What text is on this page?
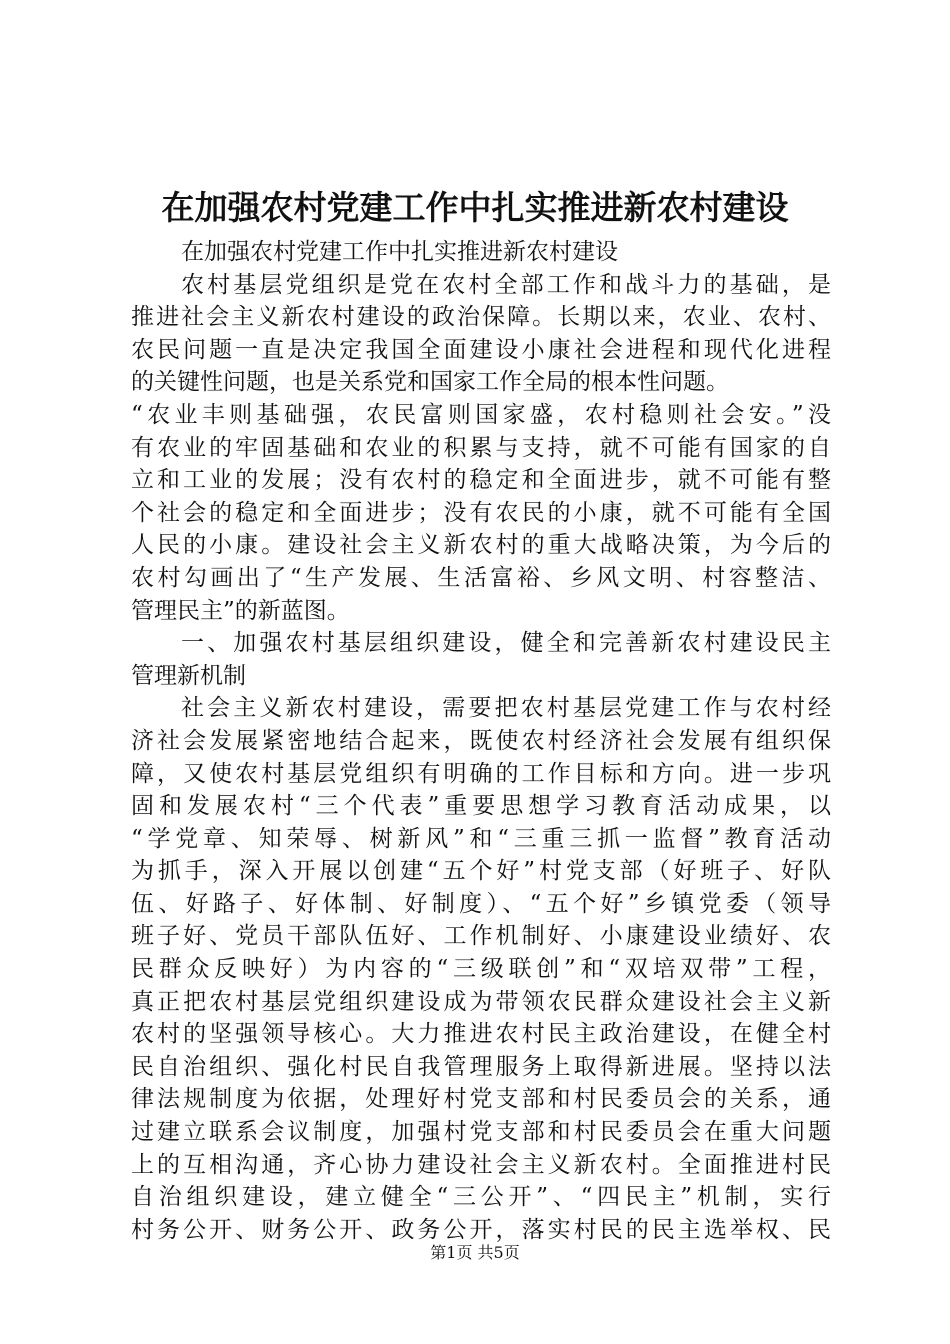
在加强农村党建工作中扎实推进新农村建设
在加强农村党建工作中扎实推进新农村建设
农村基层党组织是党在农村全部工作和战斗力的基础，是
推进社会主义新农村建设的政治保障。长期以来，农业、农村、
农民问题一直是决定我国全面建设小康社会进程和现代化进程
的关键性问题，也是关系党和国家工作全局的根本性问题。
“农业丰则基础强，农民富则国家盛，农村稳则社会安。”没
有农业的牢固基础和农业的积累与支持，就不可能有国家的自
立和工业的发展；没有农村的稳定和全面进步，就不可能有整
个社会的稳定和全面进步；没有农民的小康，就不可能有全国
人民的小康。建设社会主义新农村的重大战略决策，为今后的
农村勾画出了“生产发展、生活富裕、乡风文明、村容整洁、
管理民主”的新蓝图。
一、加强农村基层组织建设，健全和完善新农村建设民主
管理新机制
社会主义新农村建设，需要把农村基层党建工作与农村经
济社会发展紧密地结合起来，既使农村经济社会发展有组织保
障，又使农村基层党组织有明确的工作目标和方向。进一步巩
固和发展农村“三个代表”重要思想学习教育活动成果，以
“学党章、知荣辱、树新风”和“三重三抓一监督”教育活动
为抓手，深入开展以创建“五个好”村党支部（好班子、好队
伍、好路子、好体制、好制度）、“五个好”乡镇党委（领导
班子好、党员干部队伍好、工作机制好、小康建设业绩好、农
民群众反映好）为内容的“三级联创”和“双培双带”工程，
真正把农村基层党组织建设成为带领农民群众建设社会主义新
农村的坚强领导核心。大力推进农村民主政治建设，在健全村
民自治组织、强化村民自我管理服务上取得新进展。坚持以法
律法规制度为依据，处理好村党支部和村民委员会的关系，通
过建立联系会议制度，加强村党支部和村民委员会在重大问题
上的互相沟通，齐心协力建设社会主义新农村。全面推进村民
自治组织建设，建立健全“三公开”、“四民主”机制，实行
村务公开、财务公开、政务公开，落实村民的民主选举权、民
第1页 共5页
